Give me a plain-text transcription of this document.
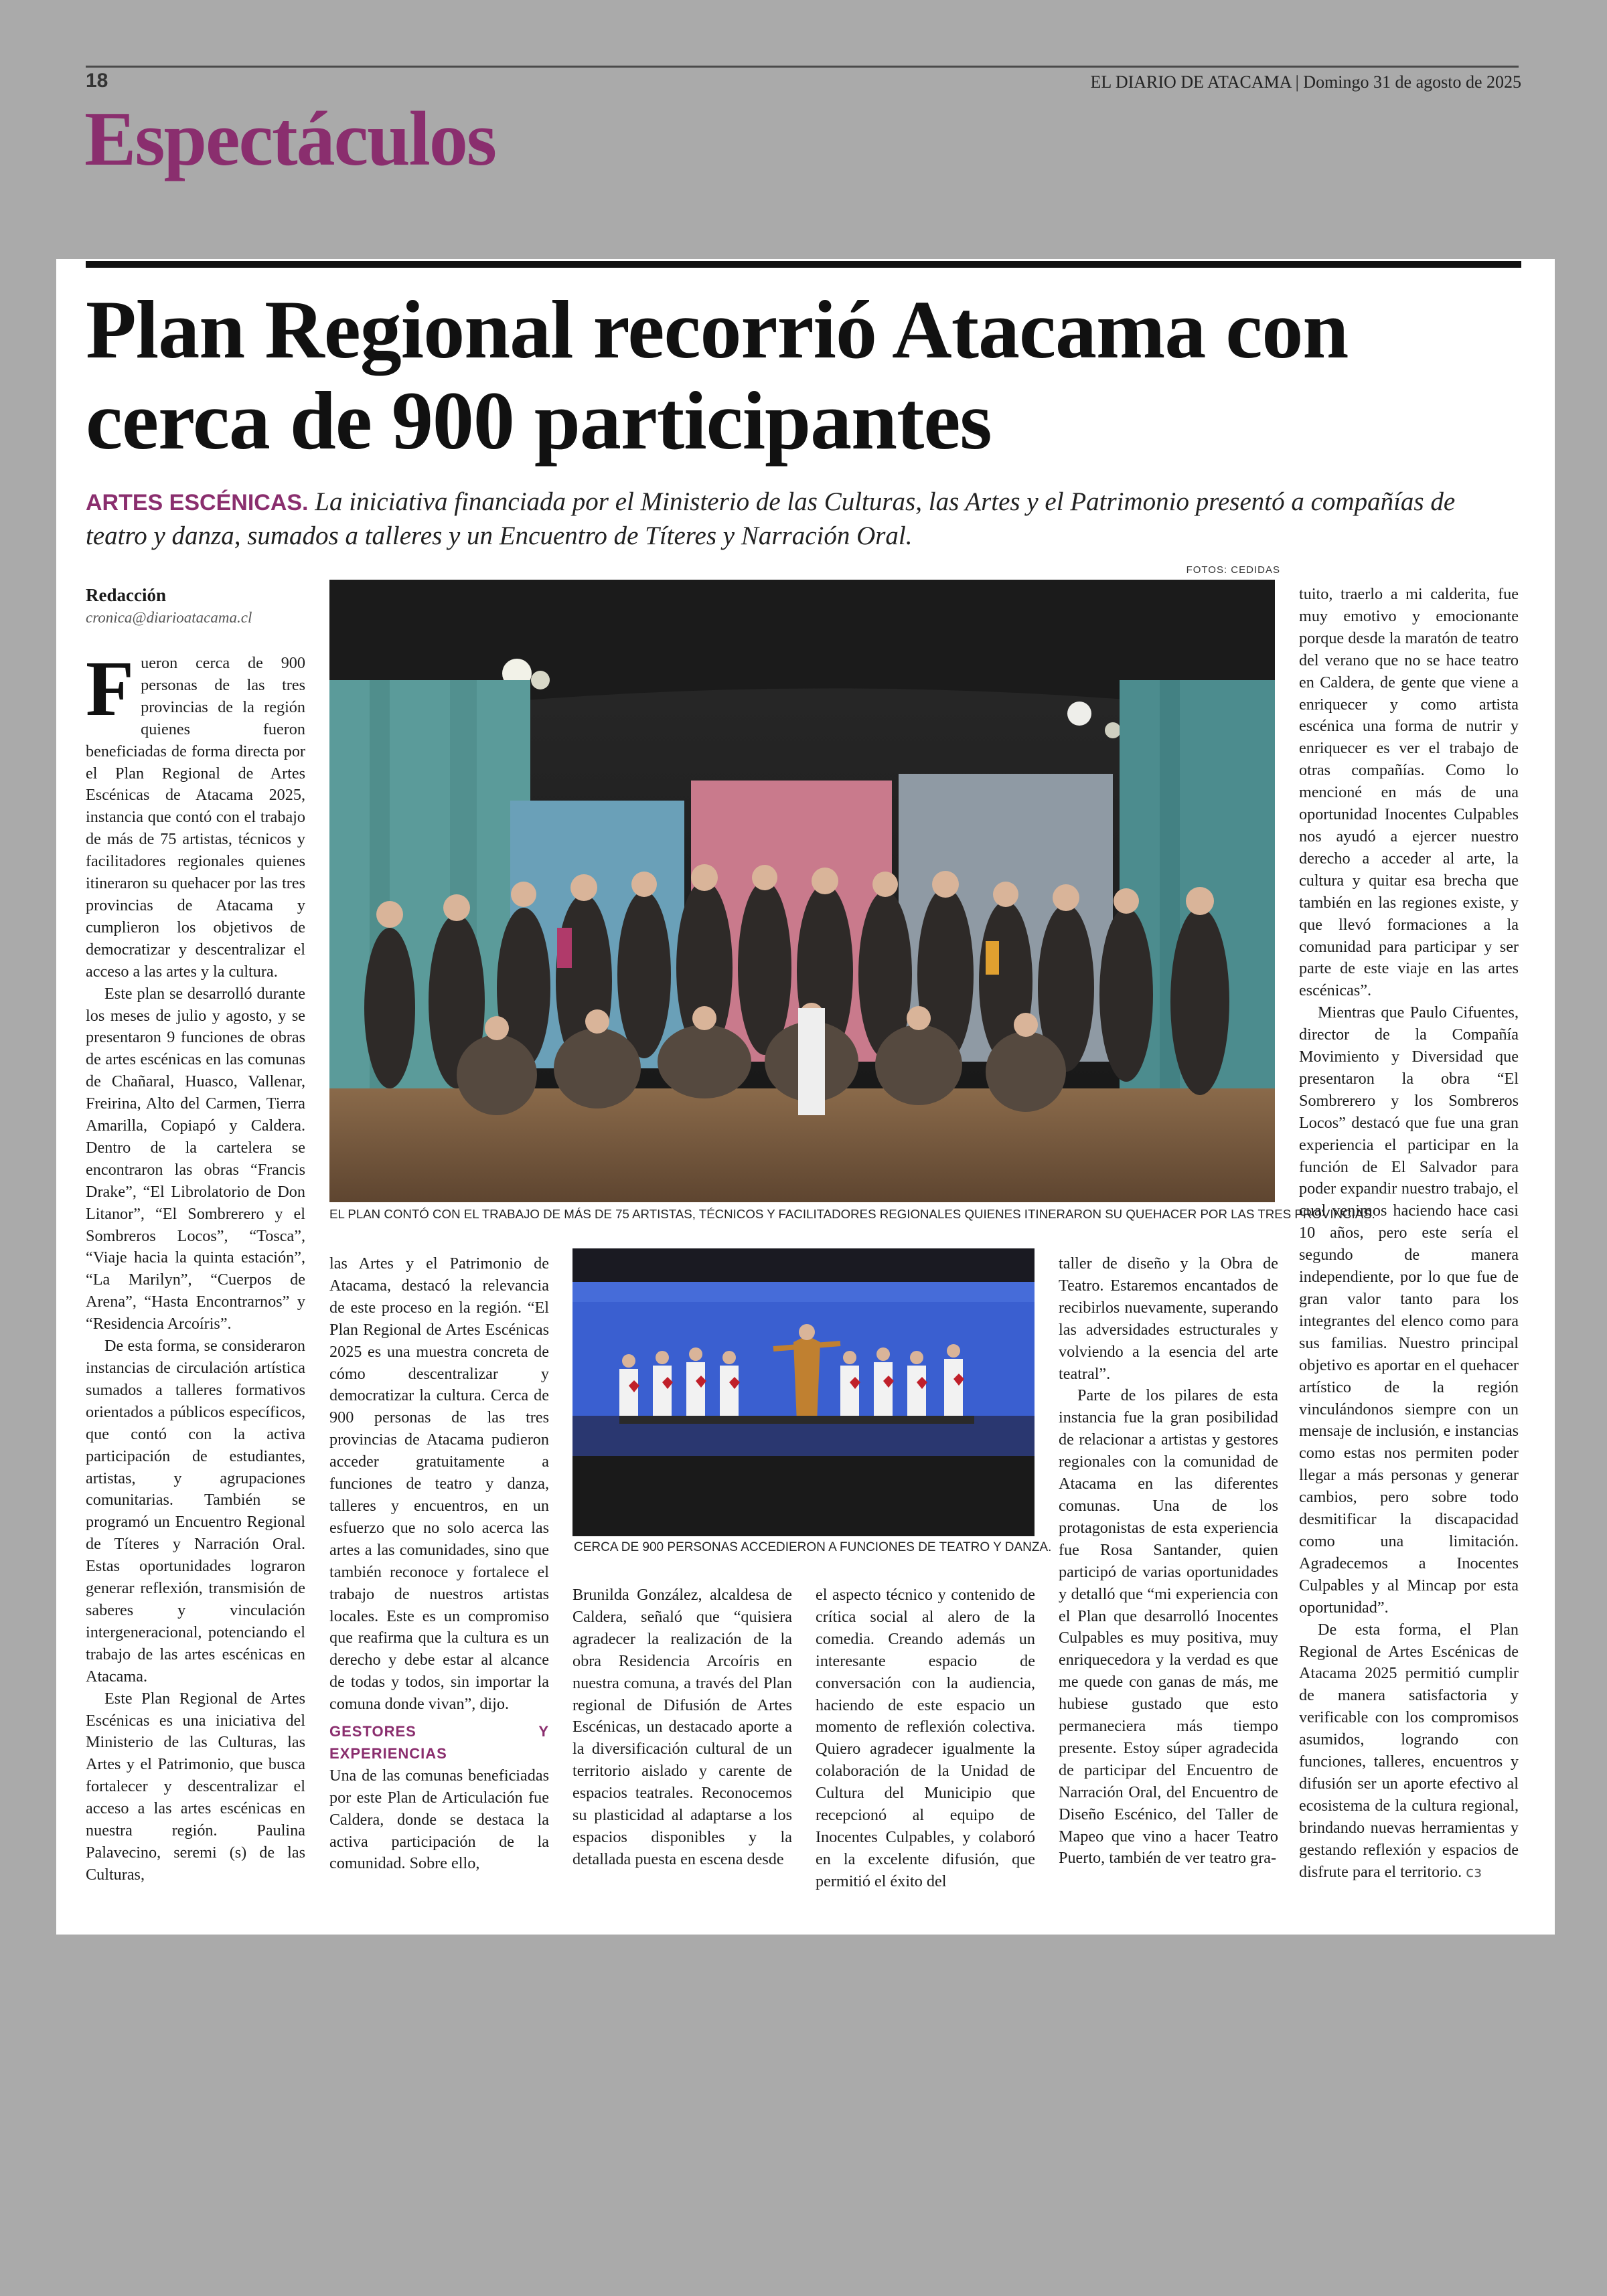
18	EL DIARIO DE ATACAMA | Domingo 31 de agosto de 2025
Espectáculos
Plan Regional recorrió Atacama con
cerca de 900 participantes
ARTES ESCÉNICAS. La iniciativa financiada por el Ministerio de las Culturas, las Artes y el Patrimonio presentó a compañías de teatro y danza, sumados a talleres y un Encuentro de Títeres y Narración Oral.
FOTOS: CEDIDAS
Redacción
cronica@diarioatacama.cl
EL PLAN CONTÓ CON EL TRABAJO DE MÁS DE 75 ARTISTAS, TÉCNICOS Y FACILITADORES REGIONALES QUIENES ITINERARON SU QUEHACER POR LAS TRES PROVINCIAS.
CERCA DE 900 PERSONAS ACCEDIERON A FUNCIONES DE TEATRO Y DANZA.

Fueron cerca de 900 personas de las tres provincias de la región quienes fueron beneficiadas de forma directa por el Plan Regional de Artes Escénicas de Atacama 2025, instancia que contó con el trabajo de más de 75 artistas, técnicos y facilitadores regionales quienes itineraron su quehacer por las tres provincias de Atacama y cumplieron los objetivos de democratizar y descentralizar el acceso a las artes y la cultura.

Este plan se desarrolló durante los meses de julio y agosto, y se presentaron 9 funciones de obras de artes escénicas en las comunas de Chañaral, Huasco, Vallenar, Freirina, Alto del Carmen, Tierra Amarilla, Copiapó y Caldera. Dentro de la cartelera se encontraron las obras “Francis Drake”, “El Librolatorio de Don Litanor”, “El Sombrerero y el Sombreros Locos”, “Tosca”, “Viaje hacia la quinta estación”, “La Marilyn”, “Cuerpos de Arena”, “Hasta Encontrarnos” y “Residencia Arcoíris”.

De esta forma, se consideraron instancias de circulación artística sumados a talleres formativos orientados a públicos específicos, que contó con la activa participación de estudiantes, artistas, y agrupaciones comunitarias. También se programó un Encuentro Regional de Títeres y Narración Oral. Estas oportunidades lograron generar reflexión, transmisión de saberes y vinculación intergeneracional, potenciando el trabajo de las artes escénicas en Atacama.

Este Plan Regional de Artes Escénicas es una iniciativa del Ministerio de las Culturas, las Artes y el Patrimonio, que busca fortalecer y descentralizar el acceso a las artes escénicas en nuestra región. Paulina Palavecino, seremi (s) de las Culturas,

las Artes y el Patrimonio de Atacama, destacó la relevancia de este proceso en la región. “El Plan Regional de Artes Escénicas 2025 es una muestra concreta de cómo descentralizar y democratizar la cultura. Cerca de 900 personas de las tres provincias de Atacama pudieron acceder gratuitamente a funciones de teatro y danza, talleres y encuentros, en un esfuerzo que no solo acerca las artes a las comunidades, sino que también reconoce y fortalece el trabajo de nuestros artistas locales. Este es un compromiso que reafirma que la cultura es un derecho y debe estar al alcance de todas y todos, sin importar la comuna donde vivan”, dijo.

GESTORES Y EXPERIENCIAS

Una de las comunas beneficiadas por este Plan de Articulación fue Caldera, donde se destaca la activa participación de la comunidad. Sobre ello,

Brunilda González, alcaldesa de Caldera, señaló que “quisiera agradecer la realización de la obra Residencia Arcoíris en nuestra comuna, a través del Plan regional de Difusión de Artes Escénicas, un destacado aporte a la diversificación cultural de un territorio aislado y carente de espacios teatrales. Reconocemos su plasticidad al adaptarse a los espacios disponibles y la detallada puesta en escena desde

el aspecto técnico y contenido de crítica social al alero de la comedia. Creando además un interesante espacio de conversación con la audiencia, haciendo de este espacio un momento de reflexión colectiva. Quiero agradecer igualmente la colaboración de la Unidad de Cultura del Municipio que recepcionó al equipo de Inocentes Culpables, y colaboró en la excelente difusión, que permitió el éxito del

taller de diseño y la Obra de Teatro. Estaremos encantados de recibirlos nuevamente, superando las adversidades estructurales y volviendo a la esencia del arte teatral”.

Parte de los pilares de esta instancia fue la gran posibilidad de relacionar a artistas y gestores regionales con la comunidad de Atacama en las diferentes comunas. Una de los protagonistas de esta experiencia fue Rosa Santander, quien participó de varias oportunidades y detalló que “mi experiencia con el Plan que desarrolló Inocentes Culpables es muy positiva, muy enriquecedora y la verdad es que me quede con ganas de más, me hubiese gustado que esto permaneciera más tiempo presente. Estoy súper agradecida de participar del Encuentro de Narración Oral, del Encuentro de Diseño Escénico, del Taller de Mapeo que vino a hacer Teatro Puerto, también de ver teatro gra-

tuito, traerlo a mi calderita, fue muy emotivo y emocionante porque desde la maratón de teatro del verano que no se hace teatro en Caldera, de gente que viene a enriquecer y como artista escénica una forma de nutrir y enriquecer es ver el trabajo de otras compañías. Como lo mencioné en más de una oportunidad Inocentes Culpables nos ayudó a ejercer nuestro derecho a acceder al arte, la cultura y quitar esa brecha que también en las regiones existe, y que llevó formaciones a la comunidad para participar y ser parte de este viaje en las artes escénicas”.

Mientras que Paulo Cifuentes, director de la Compañía Movimiento y Diversidad que presentaron la obra “El Sombrerero y los Sombreros Locos” destacó que fue una gran experiencia el participar en la función de El Salvador para poder expandir nuestro trabajo, el cual venimos haciendo hace casi 10 años, pero este sería el segundo de manera independiente, por lo que fue de gran valor tanto para los integrantes del elenco como para sus familias. Nuestro principal objetivo es aportar en el quehacer artístico de la región vinculándonos siempre con un mensaje de inclusión, e instancias como estas nos permiten poder llegar a más personas y generar cambios, pero sobre todo desmitificar la discapacidad como una limitación. Agradecemos a Inocentes Culpables y al Mincap por esta oportunidad”.

De esta forma, el Plan Regional de Artes Escénicas de Atacama 2025 permitió cumplir de manera satisfactoria y verificable con los compromisos asumidos, logrando con funciones, talleres, encuentros y difusión ser un aporte efectivo al ecosistema de la cultura regional, brindando nuevas herramientas y gestando reflexión y espacios de disfrute para el territorio. ᴄɜ
